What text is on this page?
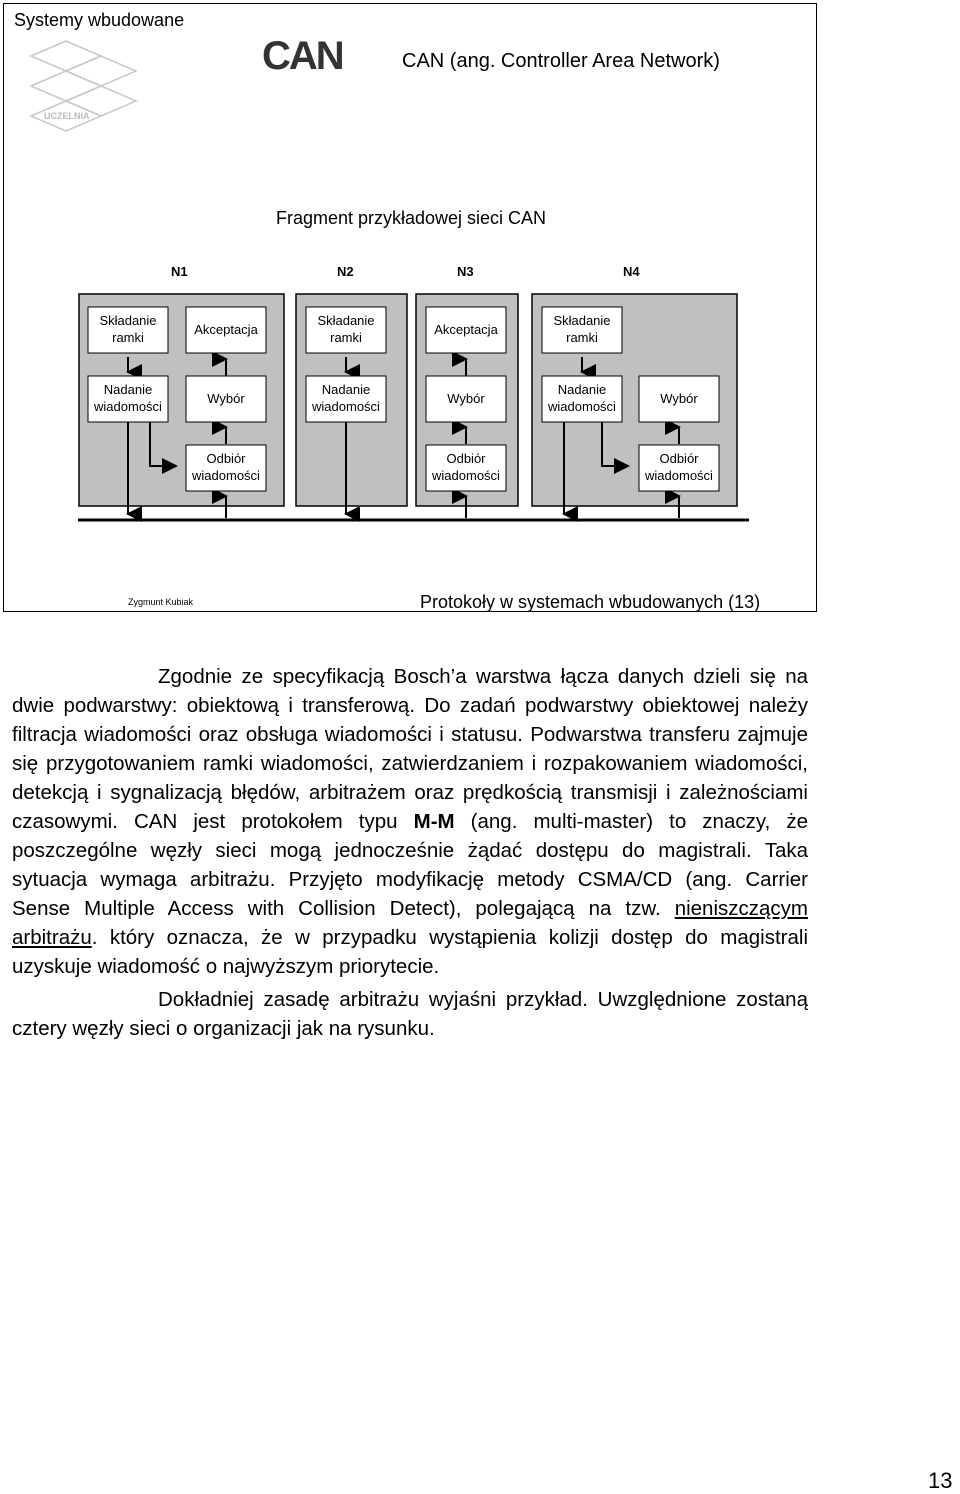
Systemy wbudowane
UCZELNIA
CAN	CAN (ang. Controller Area Network)
Fragment przykładowej sieci CAN
N1	N2	N3	N4
Składanie
ramki
Akceptacja
Nadanie
wiadomości
Wybór
Odbiór
wiadomości
Składanie
ramki
Nadanie
wiadomości
Akceptacja
Wybór
Odbiór
wiadomości
Składanie
ramki
Nadanie
wiadomości
Wybór
Odbiór
wiadomości
Zygmunt Kubiak	Protokoły w systemach wbudowanych (13)

Zgodnie ze specyfikacją Bosch’a warstwa łącza danych dzieli się na dwie podwarstwy: obiektową i transferową. Do zadań podwarstwy obiektowej należy filtracja wiadomości oraz obsługa wiadomości i statusu. Podwarstwa transferu zajmuje się przygotowaniem ramki wiadomości, zatwierdzaniem i rozpakowaniem wiadomości, detekcją i sygnalizacją błędów, arbitrażem oraz prędkością transmisji i zależnościami czasowymi. CAN jest protokołem typu M-M (ang. multi-master) to znaczy, że poszczególne węzły sieci mogą jednocześnie żądać dostępu do magistrali. Taka sytuacja wymaga arbitrażu. Przyjęto modyfikację metody CSMA/CD (ang. Carrier Sense Multiple Access with Collision Detect), polegającą na tzw. nieniszczącym arbitrażu. który oznacza, że w przypadku wystąpienia kolizji dostęp do magistrali uzyskuje wiadomość o najwyższym priorytecie.

Dokładniej zasadę arbitrażu wyjaśni przykład. Uwzględnione zostaną cztery węzły sieci o organizacji jak na rysunku.

13
